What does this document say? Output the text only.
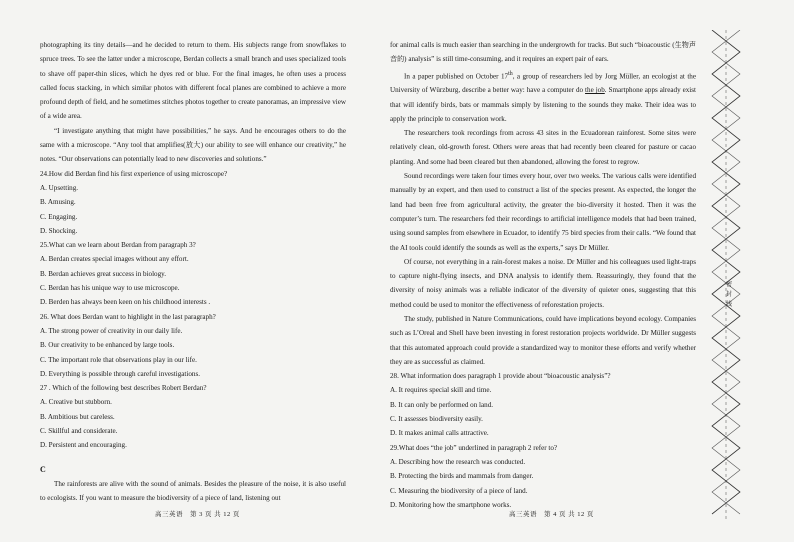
photographing its tiny details—and he decided to return to them. His subjects range from snowflakes to spruce trees. To see the latter under a microscope, Berdan collects a small branch and uses specialized tools to shave off paper-thin slices, which he dyes red or blue. For the final images, he often uses a process called focus stacking, in which similar photos with different focal planes are combined to achieve a more profound depth of field, and he sometimes stitches photos together to create panoramas, an impressive view of a wide area.

“I investigate anything that might have possibilities,” he says. And he encourages others to do the same with a microscope. “Any tool that amplifies(放大) our ability to see will enhance our creativity,” he notes. “Our observations can potentially lead to new discoveries and solutions.”

24.How did Berdan find his first experience of using microscope?

A. Upsetting.

B. Amusing.

C. Engaging.

D. Shocking.

25.What can we learn about Berdan from paragraph 3?

A. Berdan creates special images without any effort.

B. Berdan achieves great success in biology.

C. Berdan has his unique way to use microscope.

D. Berden has always been keen on his childhood interests .

26. What does Berdan want to highlight in the last paragraph?

A. The strong power of creativity in our daily life.

B. Our creativity to be enhanced by large tools.

C. The important role that observations play in our life.

D. Everything is possible through careful investigations.

27 . Which of the following best describes Robert Berdan?

A. Creative but stubborn.

B. Ambitious but careless.

C. Skillful and considerate.

D. Persistent and encouraging.

C

The rainforests are alive with the sound of animals. Besides the pleasure of the noise, it is also useful to ecologists. If you want to measure the biodiversity of a piece of land, listening out

高三英语　第 3 页 共 12 页

for animal calls is much easier than searching in the undergrowth for tracks. But such “bioacoustic (生物声音的) analysis” is still time-consuming, and it requires an expert pair of ears.

In a paper published on October 17th, a group of researchers led by Jorg Müller, an ecologist at the University of Würzburg, describe a better way: have a computer do the job. Smartphone apps already exist that will identify birds, bats or mammals simply by listening to the sounds they make. Their idea was to apply the principle to conservation work.

The researchers took recordings from across 43 sites in the Ecuadorean rainforest. Some sites were relatively clean, old-growth forest. Others were areas that had recently been cleared for pasture or cacao planting. And some had been cleared but then abandoned, allowing the forest to regrow.

Sound recordings were taken four times every hour, over two weeks. The various calls were identified manually by an expert, and then used to construct a list of the species present. As expected, the longer the land had been free from agricultural activity, the greater the bio-diversity it hosted. Then it was the computer’s turn. The researchers fed their recordings to artificial intelligence models that had been trained, using sound samples from elsewhere in Ecuador, to identify 75 bird species from their calls. “We found that the AI tools could identify the sounds as well as the experts,” says Dr Müller.

Of course, not everything in a rain-forest makes a noise. Dr Müller and his colleagues used light-traps to capture night-flying insects, and DNA analysis to identify them. Reassuringly, they found that the diversity of noisy animals was a reliable indicator of the diversity of quieter ones, suggesting that this method could be used to monitor the effectiveness of reforestation projects.

The study, published in Nature Communications, could have implications beyond ecology. Companies such as L’Oreal and Shell have been investing in forest restoration projects worldwide. Dr Müller suggests that this automated approach could provide a standardized way to monitor these efforts and verify whether they are as successful as claimed.

28. What information does paragraph 1 provide about “bioacoustic analysis”?

A. It requires special skill and time.

B. It can only be performed on land.

C. It assesses biodiversity easily.

D. It makes animal calls attractive.

29.What does “the job” underlined in paragraph 2 refer to?

A. Describing how the research was conducted.

B. Protecting the birds and mammals from danger.

C. Measuring the biodiversity of a piece of land.

D. Monitoring how the smartphone works.

高三英语　第 4 页 共 12 页
密 封 线
